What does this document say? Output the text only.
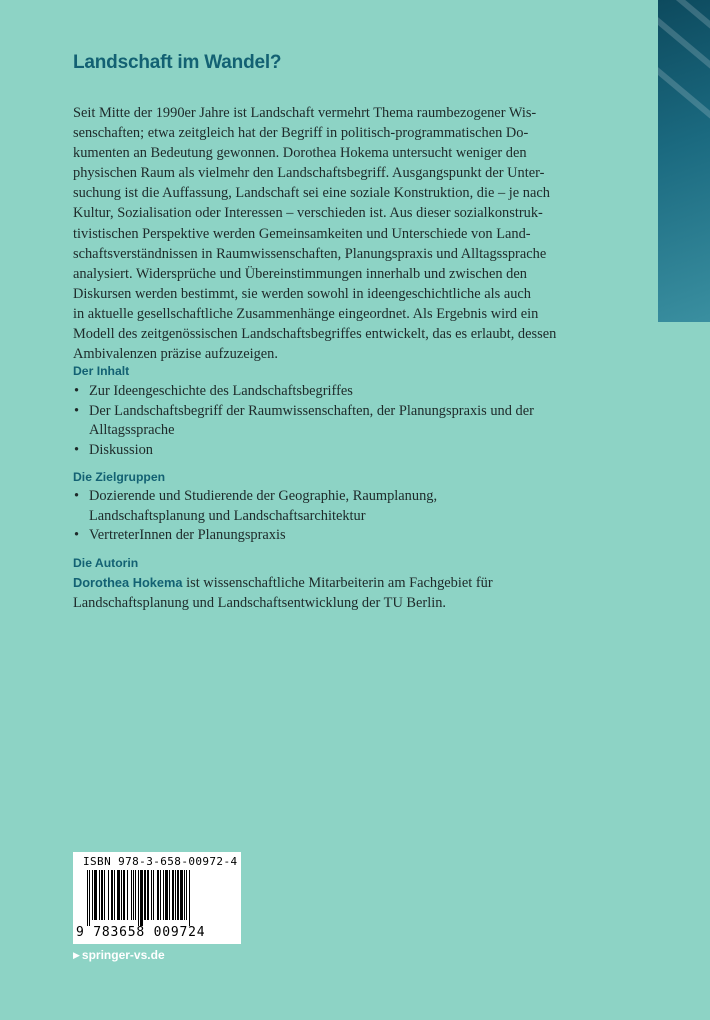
Landschaft im Wandel?
Seit Mitte der 1990er Jahre ist Landschaft vermehrt Thema raumbezogener Wis-
senschaften; etwa zeitgleich hat der Begriff in politisch-programmatischen Do-
kumenten an Bedeutung gewonnen. Dorothea Hokema untersucht weniger den
physischen Raum als vielmehr den Landschaftsbegriff. Ausgangspunkt der Unter-
suchung ist die Auffassung, Landschaft sei eine soziale Konstruktion, die – je nach
Kultur, Sozialisation oder Interessen – verschieden ist. Aus dieser sozialkonstruk-
tivistischen Perspektive werden Gemeinsamkeiten und Unterschiede von Land-
schaftsverständnissen in Raumwissenschaften, Planungspraxis und Alltagssprache
analysiert. Widersprüche und Übereinstimmungen innerhalb und zwischen den
Diskursen werden bestimmt, sie werden sowohl in ideengeschichtliche als auch
in aktuelle gesellschaftliche Zusammenhänge eingeordnet. Als Ergebnis wird ein
Modell des zeitgenössischen Landschaftsbegriffes entwickelt, das es erlaubt, dessen
Ambivalenzen präzise aufzuzeigen.
Der Inhalt
• Zur Ideengeschichte des Landschaftsbegriffes
• Der Landschaftsbegriff der Raumwissenschaften, der Planungspraxis und der Alltagssprache
• Diskussion
Die Zielgruppen
• Dozierende und Studierende der Geographie, Raumplanung, Landschaftsplanung und Landschaftsarchitektur
• VertreterInnen der Planungspraxis
Die Autorin
Dorothea Hokema ist wissenschaftliche Mitarbeiterin am Fachgebiet für Landschaftsplanung und Landschaftsentwicklung der TU Berlin.
ISBN 978-3-658-00972-4
9 783658 009724
▶ springer-vs.de
